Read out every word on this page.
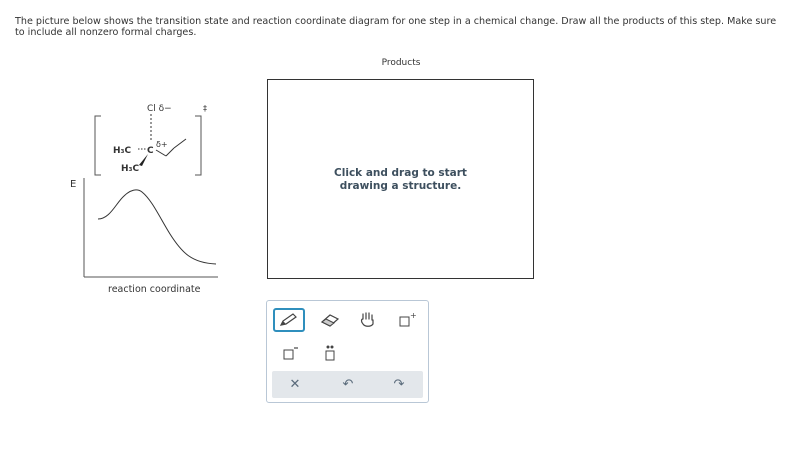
The picture below shows the transition state and reaction coordinate diagram for one step in a chemical change. Draw all the products of this step. Make sure to include all nonzero formal charges.
Cl δ−	‡
δ+
C
H₃C
H₃C
E
reaction coordinate
Products
Click and drag to start
drawing a structure.
+
✕	↶	↷
